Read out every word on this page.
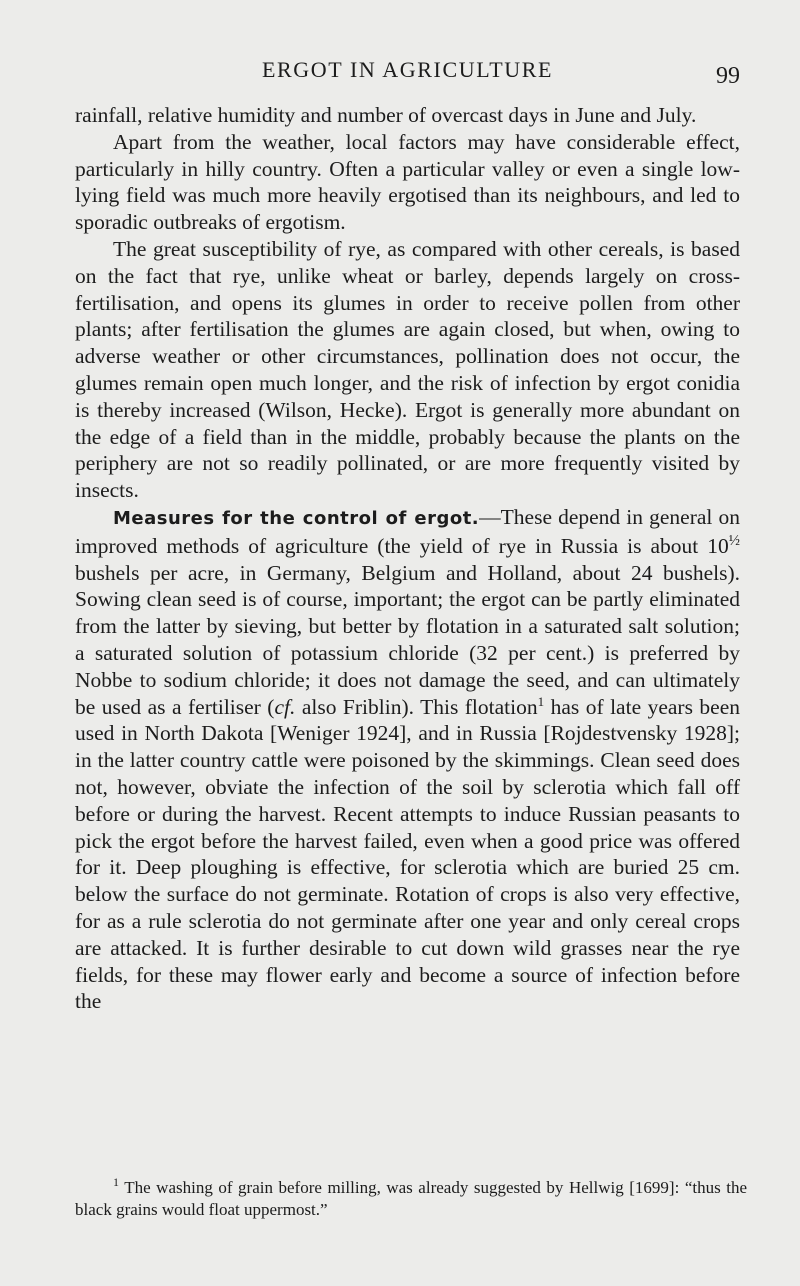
ERGOT IN AGRICULTURE	99

rainfall, relative humidity and number of overcast days in June and July.

Apart from the weather, local factors may have considerable effect, particularly in hilly country. Often a particular valley or even a single low-lying field was much more heavily ergotised than its neighbours, and led to sporadic outbreaks of ergotism.

The great susceptibility of rye, as compared with other cereals, is based on the fact that rye, unlike wheat or barley, depends largely on cross-fertilisation, and opens its glumes in order to receive pollen from other plants; after fertilisation the glumes are again closed, but when, owing to adverse weather or other circumstances, pollination does not occur, the glumes remain open much longer, and the risk of infection by ergot conidia is thereby increased (Wilson, Hecke). Ergot is generally more abundant on the edge of a field than in the middle, probably because the plants on the periphery are not so readily pollinated, or are more frequently visited by insects.

Measures for the control of ergot.—These depend in general on improved methods of agriculture (the yield of rye in Russia is about $10^{\frac{1}{2}}$ bushels per acre, in Germany, Belgium and Holland, about 24 bushels). Sowing clean seed is of course, important; the ergot can be partly eliminated from the latter by sieving, but better by flotation in a saturated salt solution; a saturated solution of potassium chloride (32 per cent.) is preferred by Nobbe to sodium chloride; it does not damage the seed, and can ultimately be used as a fertiliser (cf. also Friblin). This flotation$^1$ has of late years been used in North Dakota [Weniger 1924], and in Russia [Rojdestvensky 1928]; in the latter country cattle were poisoned by the skimmings. Clean seed does not, however, obviate the infection of the soil by sclerotia which fall off before or during the harvest. Recent attempts to induce Russian peasants to pick the ergot before the harvest failed, even when a good price was offered for it. Deep ploughing is effective, for sclerotia which are buried 25 cm. below the surface do not germinate. Rotation of crops is also very effective, for as a rule sclerotia do not germinate after one year and only cereal crops are attacked. It is further desirable to cut down wild grasses near the rye fields, for these may flower early and become a source of infection before the

$^1$ The washing of grain before milling, was already suggested by Hellwig [1699]: “thus the black grains would float uppermost.”
